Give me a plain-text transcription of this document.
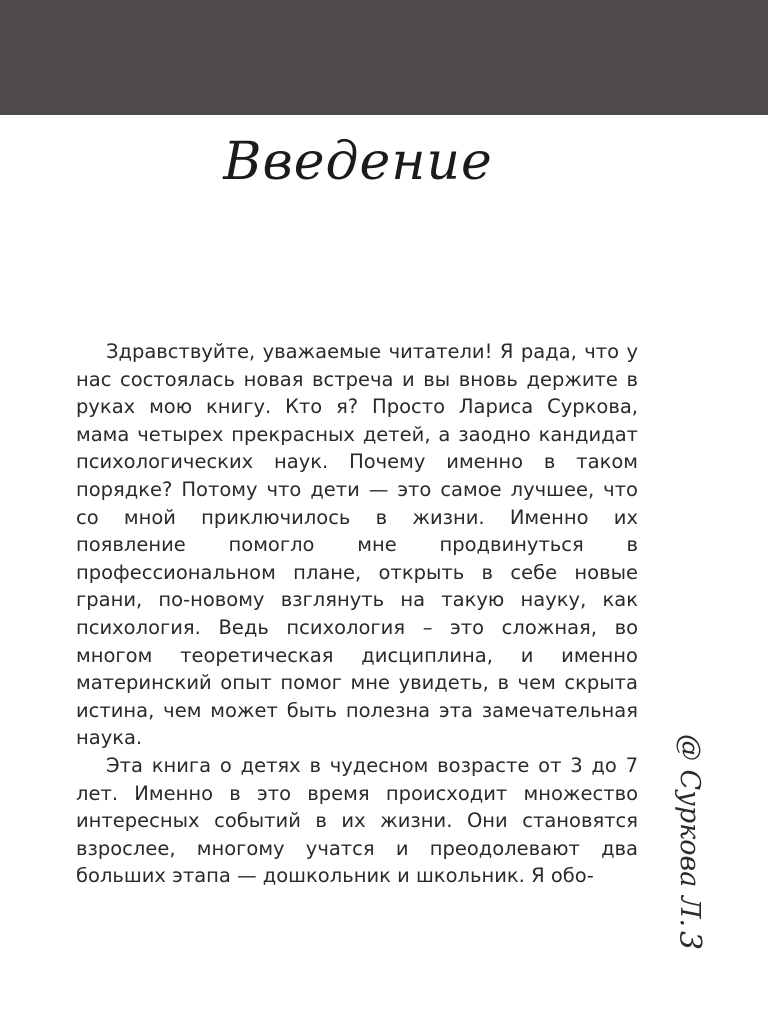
Введение

Здравствуйте, уважаемые читатели! Я рада, что у нас состоялась новая встреча и вы вновь держите в руках мою книгу. Кто я? Просто Лариса Суркова, мама четырех прекрасных детей, а заодно кандидат психологических наук. Почему именно в таком порядке? Потому что дети — это самое лучшее, что со мной приключилось в жизни. Именно их появление помогло мне продвинуться в профессиональном плане, открыть в себе новые грани, по-новому взглянуть на такую науку, как психология. Ведь психология – это сложная, во многом теоретическая дисциплина, и именно материнский опыт помог мне увидеть, в чем скрыта истина, чем может быть полезна эта замечательная наука.

Эта книга о детях в чудесном возрасте от 3 до 7 лет. Именно в это время происходит множество интересных событий в их жизни. Они становятся взрослее, многому учатся и преодолевают два больших этапа — дошкольник и школьник. Я обо-	@ Суркова Л.
3
